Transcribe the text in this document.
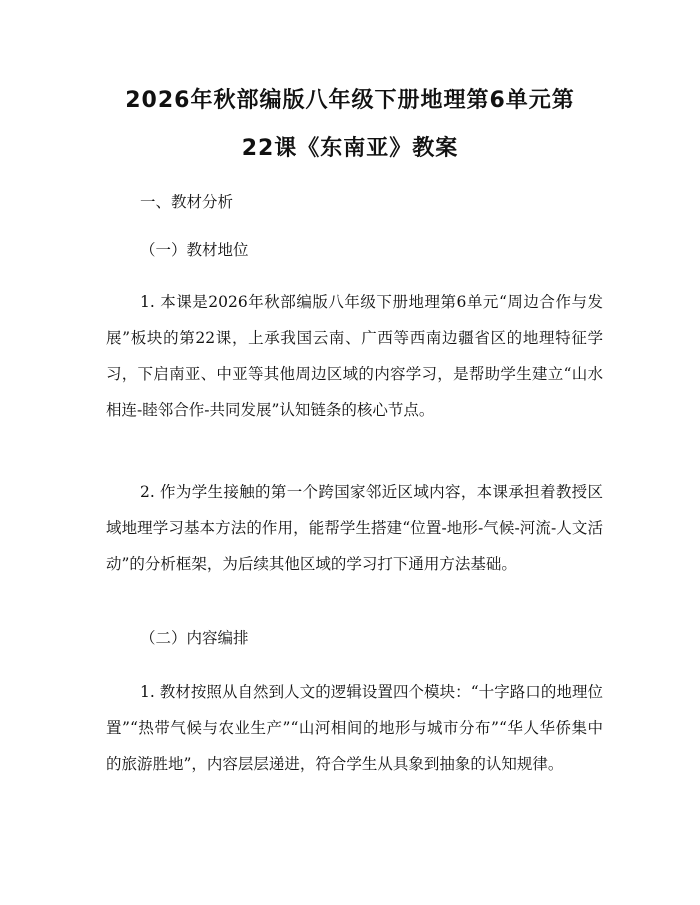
2026年秋部编版八年级下册地理第6单元第
22课《东南亚》教案

一、教材分析

（一）教材地位

1. 本课是2026年秋部编版八年级下册地理第6单元“周边合作与发展”板块的第22课，上承我国云南、广西等西南边疆省区的地理特征学习，下启南亚、中亚等其他周边区域的内容学习，是帮助学生建立“山水相连-睦邻合作-共同发展”认知链条的核心节点。

2. 作为学生接触的第一个跨国家邻近区域内容，本课承担着教授区域地理学习基本方法的作用，能帮学生搭建“位置-地形-气候-河流-人文活动”的分析框架，为后续其他区域的学习打下通用方法基础。

（二）内容编排

1. 教材按照从自然到人文的逻辑设置四个模块：“十字路口的地理位置”“热带气候与农业生产”“山河相间的地形与城市分布”“华人华侨集中的旅游胜地”，内容层层递进，符合学生从具象到抽象的认知规律。
